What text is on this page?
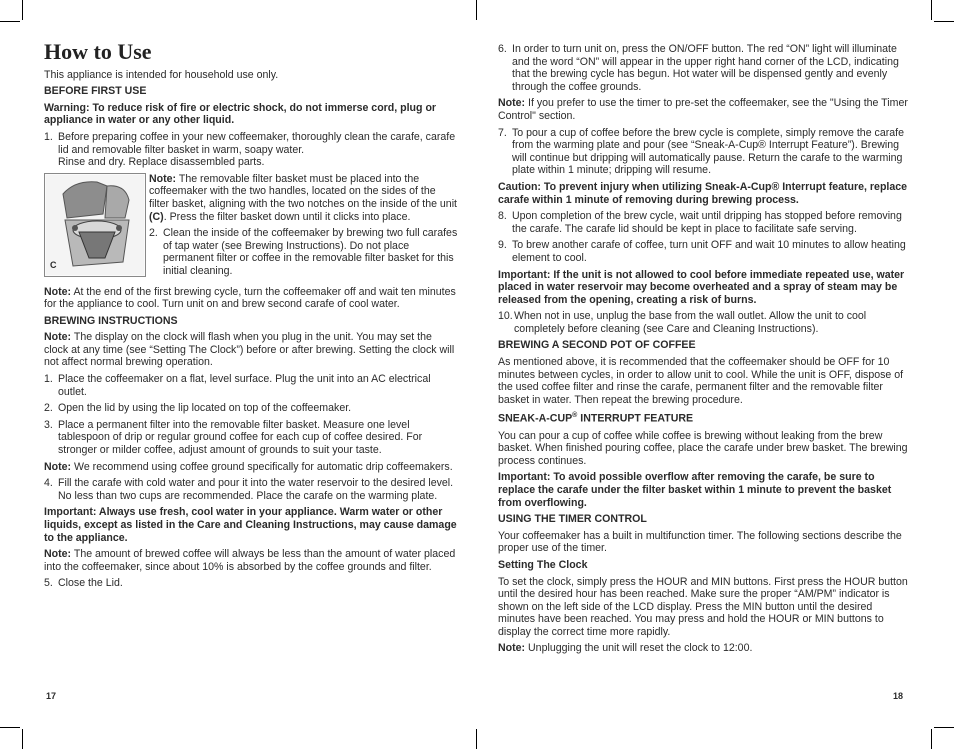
How to Use

This appliance is intended for household use only.

BEFORE FIRST USE

Warning: To reduce risk of fire or electric shock, do not immerse cord, plug or appliance in water or any other liquid.

1. Before preparing coffee in your new coffeemaker, thoroughly clean the carafe, carafe lid and removable filter basket in warm, soapy water.
Rinse and dry. Replace disassembled parts.
C

Note: The removable filter basket must be placed into the coffeemaker with the two handles, located on the sides of the filter basket, aligning with the two notches on the inside of the unit (C). Press the filter basket down until it clicks into place.

2. Clean the inside of the coffeemaker by brewing two full carafes of tap water (see Brewing Instructions). Do not place permanent filter or coffee in the removable filter basket for this initial cleaning.

Note: At the end of the first brewing cycle, turn the coffeemaker off and wait ten minutes for the appliance to cool. Turn unit on and brew second carafe of cool water.

BREWING INSTRUCTIONS

Note: The display on the clock will flash when you plug in the unit. You may set the clock at any time (see “Setting The Clock”) before or after brewing. Setting the clock will not affect normal brewing operation.

1. Place the coffeemaker on a flat, level surface. Plug the unit into an AC electrical outlet.
2. Open the lid by using the lip located on top of the coffeemaker.
3. Place a permanent filter into the removable filter basket. Measure one level tablespoon of drip or regular ground coffee for each cup of coffee desired. For stronger or milder coffee, adjust amount of grounds to suit your taste.

Note: We recommend using coffee ground specifically for automatic drip coffeemakers.

4. Fill the carafe with cold water and pour it into the water reservoir to the desired level. No less than two cups are recommended. Place the carafe on the warming plate.

Important: Always use fresh, cool water in your appliance. Warm water or other liquids, except as listed in the Care and Cleaning Instructions, may cause damage to the appliance.

Note: The amount of brewed coffee will always be less than the amount of water placed into the coffeemaker, since about 10% is absorbed by the coffee grounds and filter.

5. Close the Lid.
17
6. In order to turn unit on, press the ON/OFF button. The red “ON” light will illuminate and the word “ON” will appear in the upper right hand corner of the LCD, indicating that the brewing cycle has begun. Hot water will be dispensed gently and evenly through the coffee grounds.

Note: If you prefer to use the timer to pre-set the coffeemaker, see the "Using the Timer Control" section.

7. To pour a cup of coffee before the brew cycle is complete, simply remove the carafe from the warming plate and pour (see “Sneak-A-Cup® Interrupt Feature”). Brewing will continue but dripping will automatically pause. Return the carafe to the warming plate within 1 minute; dripping will resume.

Caution: To prevent injury when utilizing Sneak-A-Cup® Interrupt feature, replace carafe within 1 minute of removing during brewing process.

8. Upon completion of the brew cycle, wait until dripping has stopped before removing the carafe. The carafe lid should be kept in place to facilitate safe serving.
9. To brew another carafe of coffee, turn unit OFF and wait 10 minutes to allow heating element to cool.

Important: If the unit is not allowed to cool before immediate repeated use, water placed in water reservoir may become overheated and a spray of steam may be released from the opening, creating a risk of burns.

10. When not in use, unplug the base from the wall outlet. Allow the unit to cool completely before cleaning (see Care and Cleaning Instructions).

BREWING A SECOND POT OF COFFEE

As mentioned above, it is recommended that the coffeemaker should be OFF for 10 minutes between cycles, in order to allow unit to cool. While the unit is OFF, dispose of the used coffee filter and rinse the carafe, permanent filter and the removable filter basket in water. Then repeat the brewing procedure.

SNEAK-A-CUP® INTERRUPT FEATURE

You can pour a cup of coffee while coffee is brewing without leaking from the brew basket. When finished pouring coffee, place the carafe under brew basket. The brewing process continues.

Important: To avoid possible overflow after removing the carafe, be sure to replace the carafe under the filter basket within 1 minute to prevent the basket from overflowing.

USING THE TIMER CONTROL

Your coffeemaker has a built in multifunction timer. The following sections describe the proper use of the timer.

Setting The Clock

To set the clock, simply press the HOUR and MIN buttons. First press the HOUR button until the desired hour has been reached. Make sure the proper “AM/PM” indicator is shown on the left side of the LCD display. Press the MIN button until the desired minutes have been reached. You may press and hold the HOUR or MIN buttons to display the correct time more rapidly.

Note: Unplugging the unit will reset the clock to 12:00.

18
